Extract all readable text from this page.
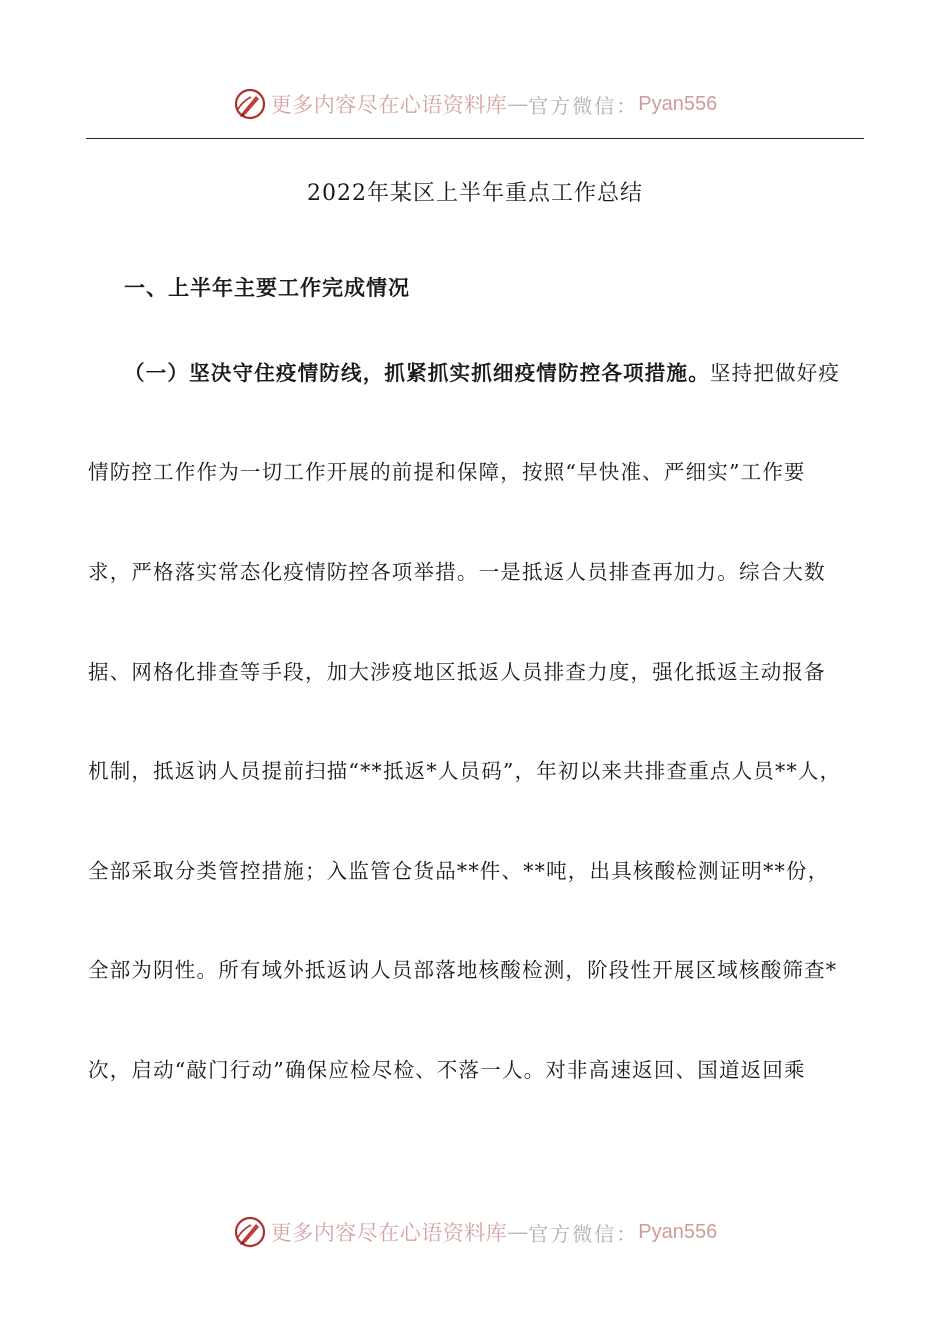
更多内容尽在心语资料库 — 官方微信： Pyan556
2022年某区上半年重点工作总结
一、上半年主要工作完成情况
（一）坚决守住疫情防线，抓紧抓实抓细疫情防控各项措施。坚持把做好疫
情防控工作作为一切工作开展的前提和保障，按照“早快准、严细实”工作要
求，严格落实常态化疫情防控各项举措。一是抵返人员排查再加力。综合大数
据、网格化排查等手段，加大涉疫地区抵返人员排查力度，强化抵返主动报备
机制，抵返讷人员提前扫描“**抵返*人员码”，年初以来共排查重点人员**人，
全部采取分类管控措施；入监管仓货品**件、**吨，出具核酸检测证明**份，
全部为阴性。所有域外抵返讷人员部落地核酸检测，阶段性开展区域核酸筛查*
次，启动“敲门行动”确保应检尽检、不落一人。对非高速返回、国道返回乘
更多内容尽在心语资料库 — 官方微信： Pyan556
